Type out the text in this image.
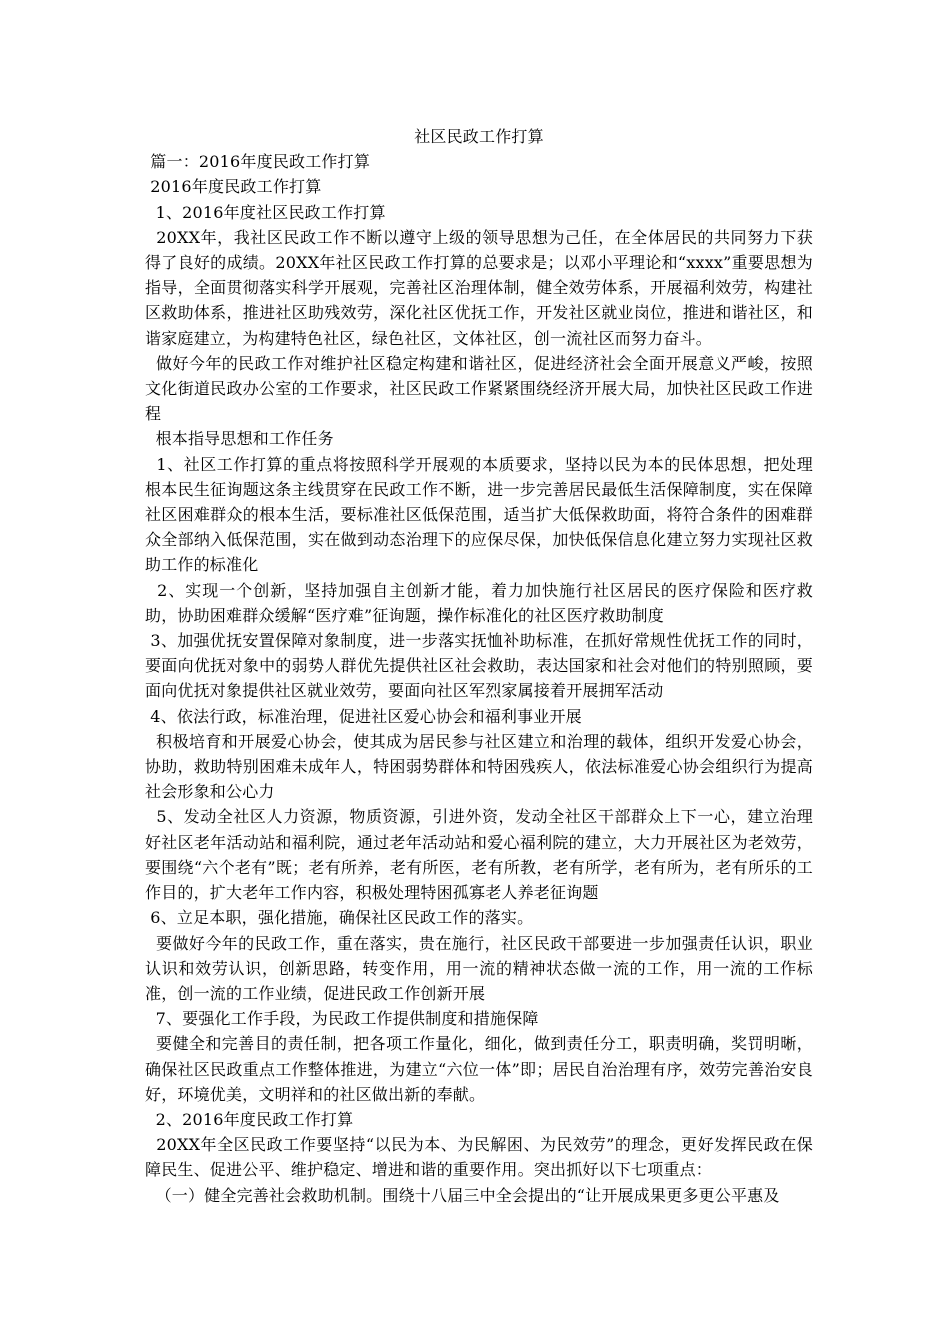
社区民政工作打算

篇一：2016年度民政工作打算

2016年度民政工作打算

1、2016年度社区民政工作打算

20XX年，我社区民政工作不断以遵守上级的领导思想为己任，在全体居民的共同努力下获得了良好的成绩。20XX年社区民政工作打算的总要求是；以邓小平理论和“xxxx”重要思想为指导，全面贯彻落实科学开展观，完善社区治理体制，健全效劳体系，开展福利效劳，构建社区救助体系，推进社区助残效劳，深化社区优抚工作，开发社区就业岗位，推进和谐社区，和谐家庭建立，为构建特色社区，绿色社区，文体社区，创一流社区而努力奋斗。

做好今年的民政工作对维护社区稳定构建和谐社区，促进经济社会全面开展意义严峻，按照文化街道民政办公室的工作要求，社区民政工作紧紧围绕经济开展大局，加快社区民政工作进程

根本指导思想和工作任务

1、社区工作打算的重点将按照科学开展观的本质要求，坚持以民为本的民体思想，把处理根本民生征询题这条主线贯穿在民政工作不断，进一步完善居民最低生活保障制度，实在保障社区困难群众的根本生活，要标准社区低保范围，适当扩大低保救助面，将符合条件的困难群众全部纳入低保范围，实在做到动态治理下的应保尽保，加快低保信息化建立努力实现社区救助工作的标准化

2、实现一个创新，坚持加强自主创新才能，着力加快施行社区居民的医疗保险和医疗救助，协助困难群众缓解“医疗难”征询题，操作标准化的社区医疗救助制度

3、加强优抚安置保障对象制度，进一步落实抚恤补助标准，在抓好常规性优抚工作的同时，要面向优抚对象中的弱势人群优先提供社区社会救助，表达国家和社会对他们的特别照顾，要面向优抚对象提供社区就业效劳，要面向社区军烈家属接着开展拥军活动

4、依法行政，标准治理，促进社区爱心协会和福利事业开展

积极培育和开展爱心协会，使其成为居民参与社区建立和治理的载体，组织开发爱心协会，协助，救助特别困难未成年人，特困弱势群体和特困残疾人，依法标准爱心协会组织行为提高社会形象和公心力

5、发动全社区人力资源，物质资源，引进外资，发动全社区干部群众上下一心，建立治理好社区老年活动站和福利院，通过老年活动站和爱心福利院的建立，大力开展社区为老效劳，要围绕“六个老有”既；老有所养，老有所医，老有所教，老有所学，老有所为，老有所乐的工作目的，扩大老年工作内容，积极处理特困孤寡老人养老征询题

6、立足本职，强化措施，确保社区民政工作的落实。

要做好今年的民政工作，重在落实，贵在施行，社区民政干部要进一步加强责任认识，职业认识和效劳认识，创新思路，转变作用，用一流的精神状态做一流的工作，用一流的工作标准，创一流的工作业绩，促进民政工作创新开展

7、要强化工作手段，为民政工作提供制度和措施保障

要健全和完善目的责任制，把各项工作量化，细化，做到责任分工，职责明确，奖罚明晰，确保社区民政重点工作整体推进，为建立“六位一体”即；居民自治治理有序，效劳完善治安良好，环境优美，文明祥和的社区做出新的奉献。

2、2016年度民政工作打算

20XX年全区民政工作要坚持“以民为本、为民解困、为民效劳”的理念，更好发挥民政在保障民生、促进公平、维护稳定、增进和谐的重要作用。突出抓好以下七项重点：

（一）健全完善社会救助机制。围绕十八届三中全会提出的“让开展成果更多更公平惠及
